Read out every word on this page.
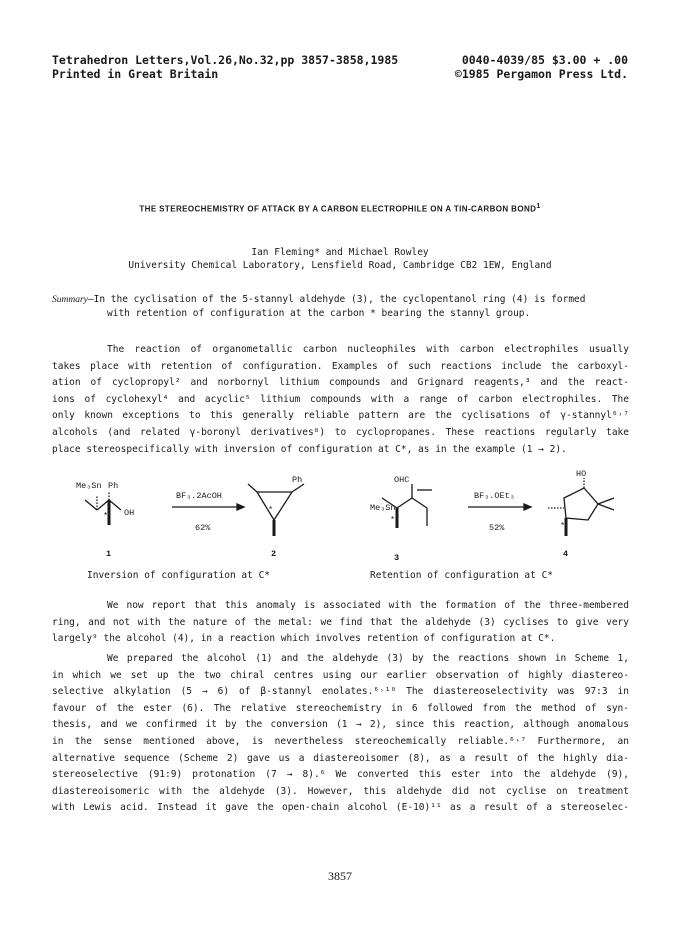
Tetrahedron Letters,Vol.26,No.32,pp 3857-3858,1985	0040-4039/85 $3.00 + .00
Printed in Great Britain	©1985 Pergamon Press Ltd.
THE STEREOCHEMISTRY OF ATTACK BY A CARBON ELECTROPHILE ON A TIN-CARBON BOND$^1$
Ian Fleming* and Michael Rowley
University Chemical Laboratory, Lensfield Road, Cambridge CB2 1EW, England
Summary—In the cyclisation of the 5-stannyl aldehyde (3), the cyclopentanol ring (4) is formed
with retention of configuration at the carbon * bearing the stannyl group.
The reaction of organometallic carbon nucleophiles with carbon electrophiles usually
takes place with retention of configuration. Examples of such reactions include the carboxyl-
ation of cyclopropyl² and norbornyl lithium compounds and Grignard reagents,³ and the react-
ions of cyclohexyl⁴ and acyclic⁵ lithium compounds with a range of carbon electrophiles. The
only known exceptions to this generally reliable pattern are the cyclisations of γ-stannyl⁶˒⁷
alcohols (and related γ-boronyl derivatives⁸) to cyclopropanes. These reactions regularly take
place stereospecifically with inversion of configuration at C*, as in the example (1 → 2).
Me₃Sn Ph
OH
*
BF₃.2AcOH
62%
Ph
*
OHC
Me₃Sn
*
BF₃.OEt₃
52%
HO
*
1	2	3	4
Inversion of configuration at C*	Retention of configuration at C*
We now report that this anomaly is associated with the formation of the three-membered
ring, and not with the nature of the metal: we find that the aldehyde (3) cyclises to give very
largely⁹ the alcohol (4), in a reaction which involves retention of configuration at C*.
We prepared the alcohol (1) and the aldehyde (3) by the reactions shown in Scheme 1,
in which we set up the two chiral centres using our earlier observation of highly diastereo-
selective alkylation (5 → 6) of β-stannyl enolates.⁶˒¹⁰ The diastereoselectivity was 97:3 in
favour of the ester (6). The relative stereochemistry in 6 followed from the method of syn-
thesis, and we confirmed it by the conversion (1 → 2), since this reaction, although anomalous
in the sense mentioned above, is nevertheless stereochemically reliable.⁶˒⁷ Furthermore, an
alternative sequence (Scheme 2) gave us a diastereoisomer (8), as a result of the highly dia-
stereoselective (91:9) protonation (7 → 8).⁶ We converted this ester into the aldehyde (9),
diastereoisomeric with the aldehyde (3). However, this aldehyde did not cyclise on treatment
with Lewis acid. Instead it gave the open-chain alcohol (E-10)¹¹ as a result of a stereoselec-
3857
